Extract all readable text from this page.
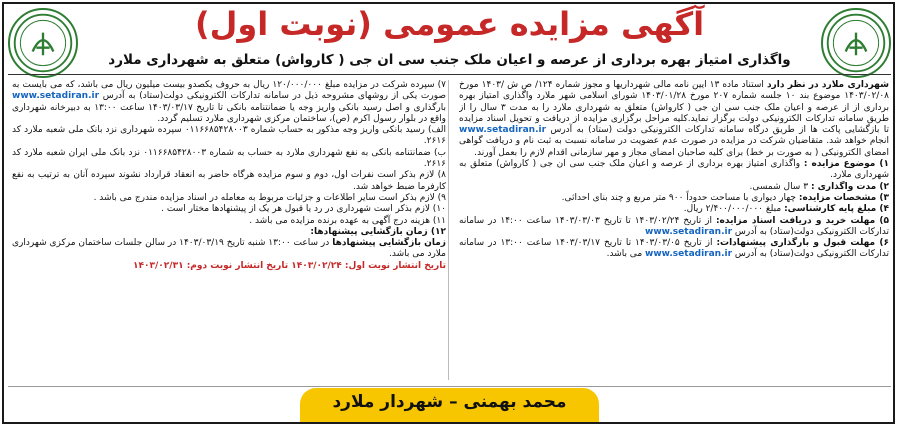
آگهی مزایده عمومی (نوبت اول)
واگذاری امتیاز بهره برداری از عرصه و اعیان ملک جنب سی ان جی ( کارواش) متعلق به شهرداری ملارد

شهرداری ملارد در نظر دارد استناد ماده ۱۳ آیین نامه مالی شهرداریها و مجوز شماره ۱۲۴/ ص ش /۱۴۰۳ مورخ ۱۴۰۳/۰۲/۰۸ موضوع بند ۱۰ جلسه شماره ۲۰۷ مورخ ۱۴۰۳/۰۱/۲۸ شورای اسلامی شهر ملارد واگذاری امتیاز بهره برداری از از عرصه و اعیان ملک جنب سی ان جی ( کارواش) متعلق به شهرداری ملارد را به مدت ۳ سال را از طریق سامانه تدارکات الکترونیکی دولت برگزار نماید.کلیه مراحل برگزاری مزایده از دریافت و تحویل اسناد مزایده تا بازگشایی پاکت ها از طریق درگاه سامانه تدارکات الکترونیکی دولت (ستاد) به آدرس www.setadiran.ir انجام خواهد شد. متقاضیان شرکت در مزایده در صورت عدم عضویت در سامانه نسبت به ثبت نام و دریافت گواهی امضای الکترونیکی ( به صورت بر خط) برای کلیه صاحبان امضای مجاز و مهر سازمانی اقدام لازم را بعمل آورند.

۱) موضوع مزایده : واگذاری امتیاز بهره برداری از عرصه و اعیان ملک جنب سی ان جی ( کارواش) متعلق به شهرداری ملارد.

۲) مدت واگذاری : ۳ سال شمسی.

۳) مشخصات مزایده: چهار دیواری با مساحت حدوداً ۹۰۰ متر مربع و چند بنای احداثی.

۴) مبلغ پایه کارشناسی: مبلغ ۲/۴۰۰/۰۰۰/۰۰۰ ریال.

۵) مهلت خرید و دریافت اسناد مزایده: از تاریخ ۱۴۰۳/۰۲/۲۴ تا تاریخ ۱۴۰۳/۰۳/۰۳ ساعت ۱۴:۰۰ در سامانه تدارکات الکترونیکی دولت(ستاد) به آدرس www.setadiran.ir

۶) مهلت قبول و بارگذاری پیشنهادات: از تاریخ ۱۴۰۳/۰۳/۰۵ تا تاریخ ۱۴۰۳/۰۳/۱۷ ساعت ۱۳:۰۰ در سامانه تدارکات الکترونیکی دولت(ستاد) به آدرس www.setadiran.ir می باشد.

۷) سپرده شرکت در مزایده مبلغ ۱۲۰/۰۰۰/۰۰۰ ریال به حروف یکصدو بیست میلیون ریال می باشد، که می بایست به صورت یکی از روشهای مشروحه ذیل در سامانه تدارکات الکترونیکی دولت(ستاد) به آدرس www.setadiran.ir بارگذاری و اصل رسید بانکی واریز وجه یا ضمانتنامه بانکی تا تاریخ ۱۴۰۳/۰۳/۱۷ ساعت ۱۳:۰۰ به دبیرخانه شهرداری واقع در بلوار رسول اکرم (ص)، ساختمان مرکزی شهرداری ملارد تسلیم گردد.

الف) رسید بانکی واریز وجه مذکور به حساب شماره ۰۱۱۶۶۸۵۴۲۸۰۰۳ سپرده شهرداری نزد بانک ملی شعبه ملارد کد ۲۶۱۶.

ب) ضمانتنامه بانکی به نفع شهرداری ملارد به حساب به شماره ۰۱۱۶۶۸۵۴۲۸۰۰۳ نزد بانک ملی ایران شعبه ملارد کد ۲۶۱۶.

۸) لازم بذکر است نفرات اول، دوم و سوم مزایده هرگاه حاضر به انعقاد قرارداد نشوند سپرده آنان به ترتیب به نفع کارفرما ضبط خواهد شد.

۹) لازم بذکر است سایر اطلاعات و جزئیات مربوط به معامله در اسناد مزایده مندرج می باشد .

۱۰) لازم بذکر است شهرداری در رد یا قبول هر یک از پیشنهادها مختار است .

۱۱) هزینه درج آگهی به عهده برنده مزایده می باشد .

۱۲) زمان بازگشایی پیشنهادها:

زمان بازگشایی پیشنهادها در ساعت ۱۳:۰۰ شنبه تاریخ ۱۴۰۳/۰۳/۱۹ در سالن جلسات ساختمان مرکزی شهرداری ملارد می باشد.

تاریخ انتشار نوبت اول: ۱۴۰۳/۰۲/۲۴ تاریخ انتشار نوبت دوم: ۱۴۰۳/۰۲/۳۱

محمد بهمنی – شهردار ملارد
